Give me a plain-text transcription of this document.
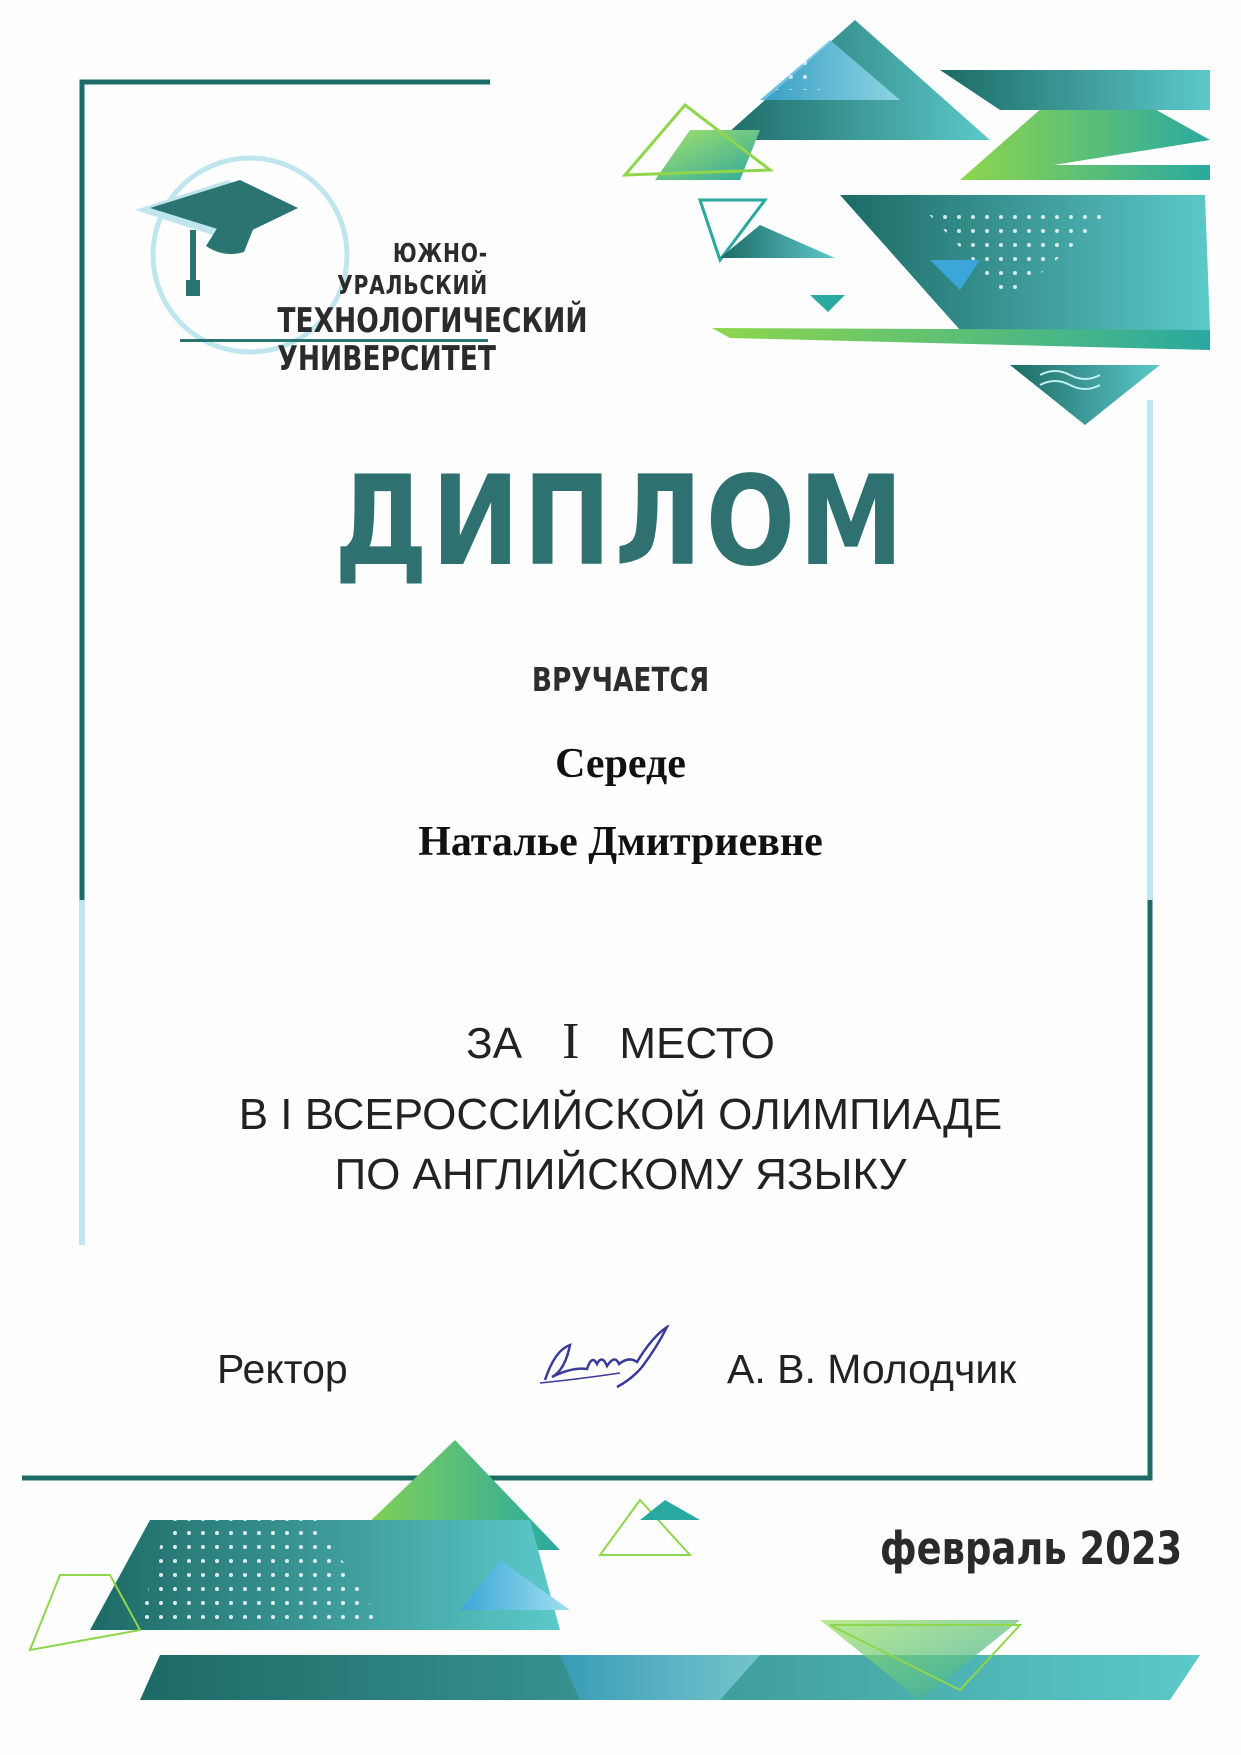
ЮЖНО-УРАЛЬСКИЙ
ТЕХНОЛОГИЧЕСКИЙ
УНИВЕРСИТЕТ
ДИПЛОМ
ВРУЧАЕТСЯ
Середе
Наталье Дмитриевне
ЗА I МЕСТО
В I ВСЕРОССИЙСКОЙ ОЛИМПИАДЕ
ПО АНГЛИЙСКОМУ ЯЗЫКУ
Ректор	А. В. Молодчик
февраль 2023
